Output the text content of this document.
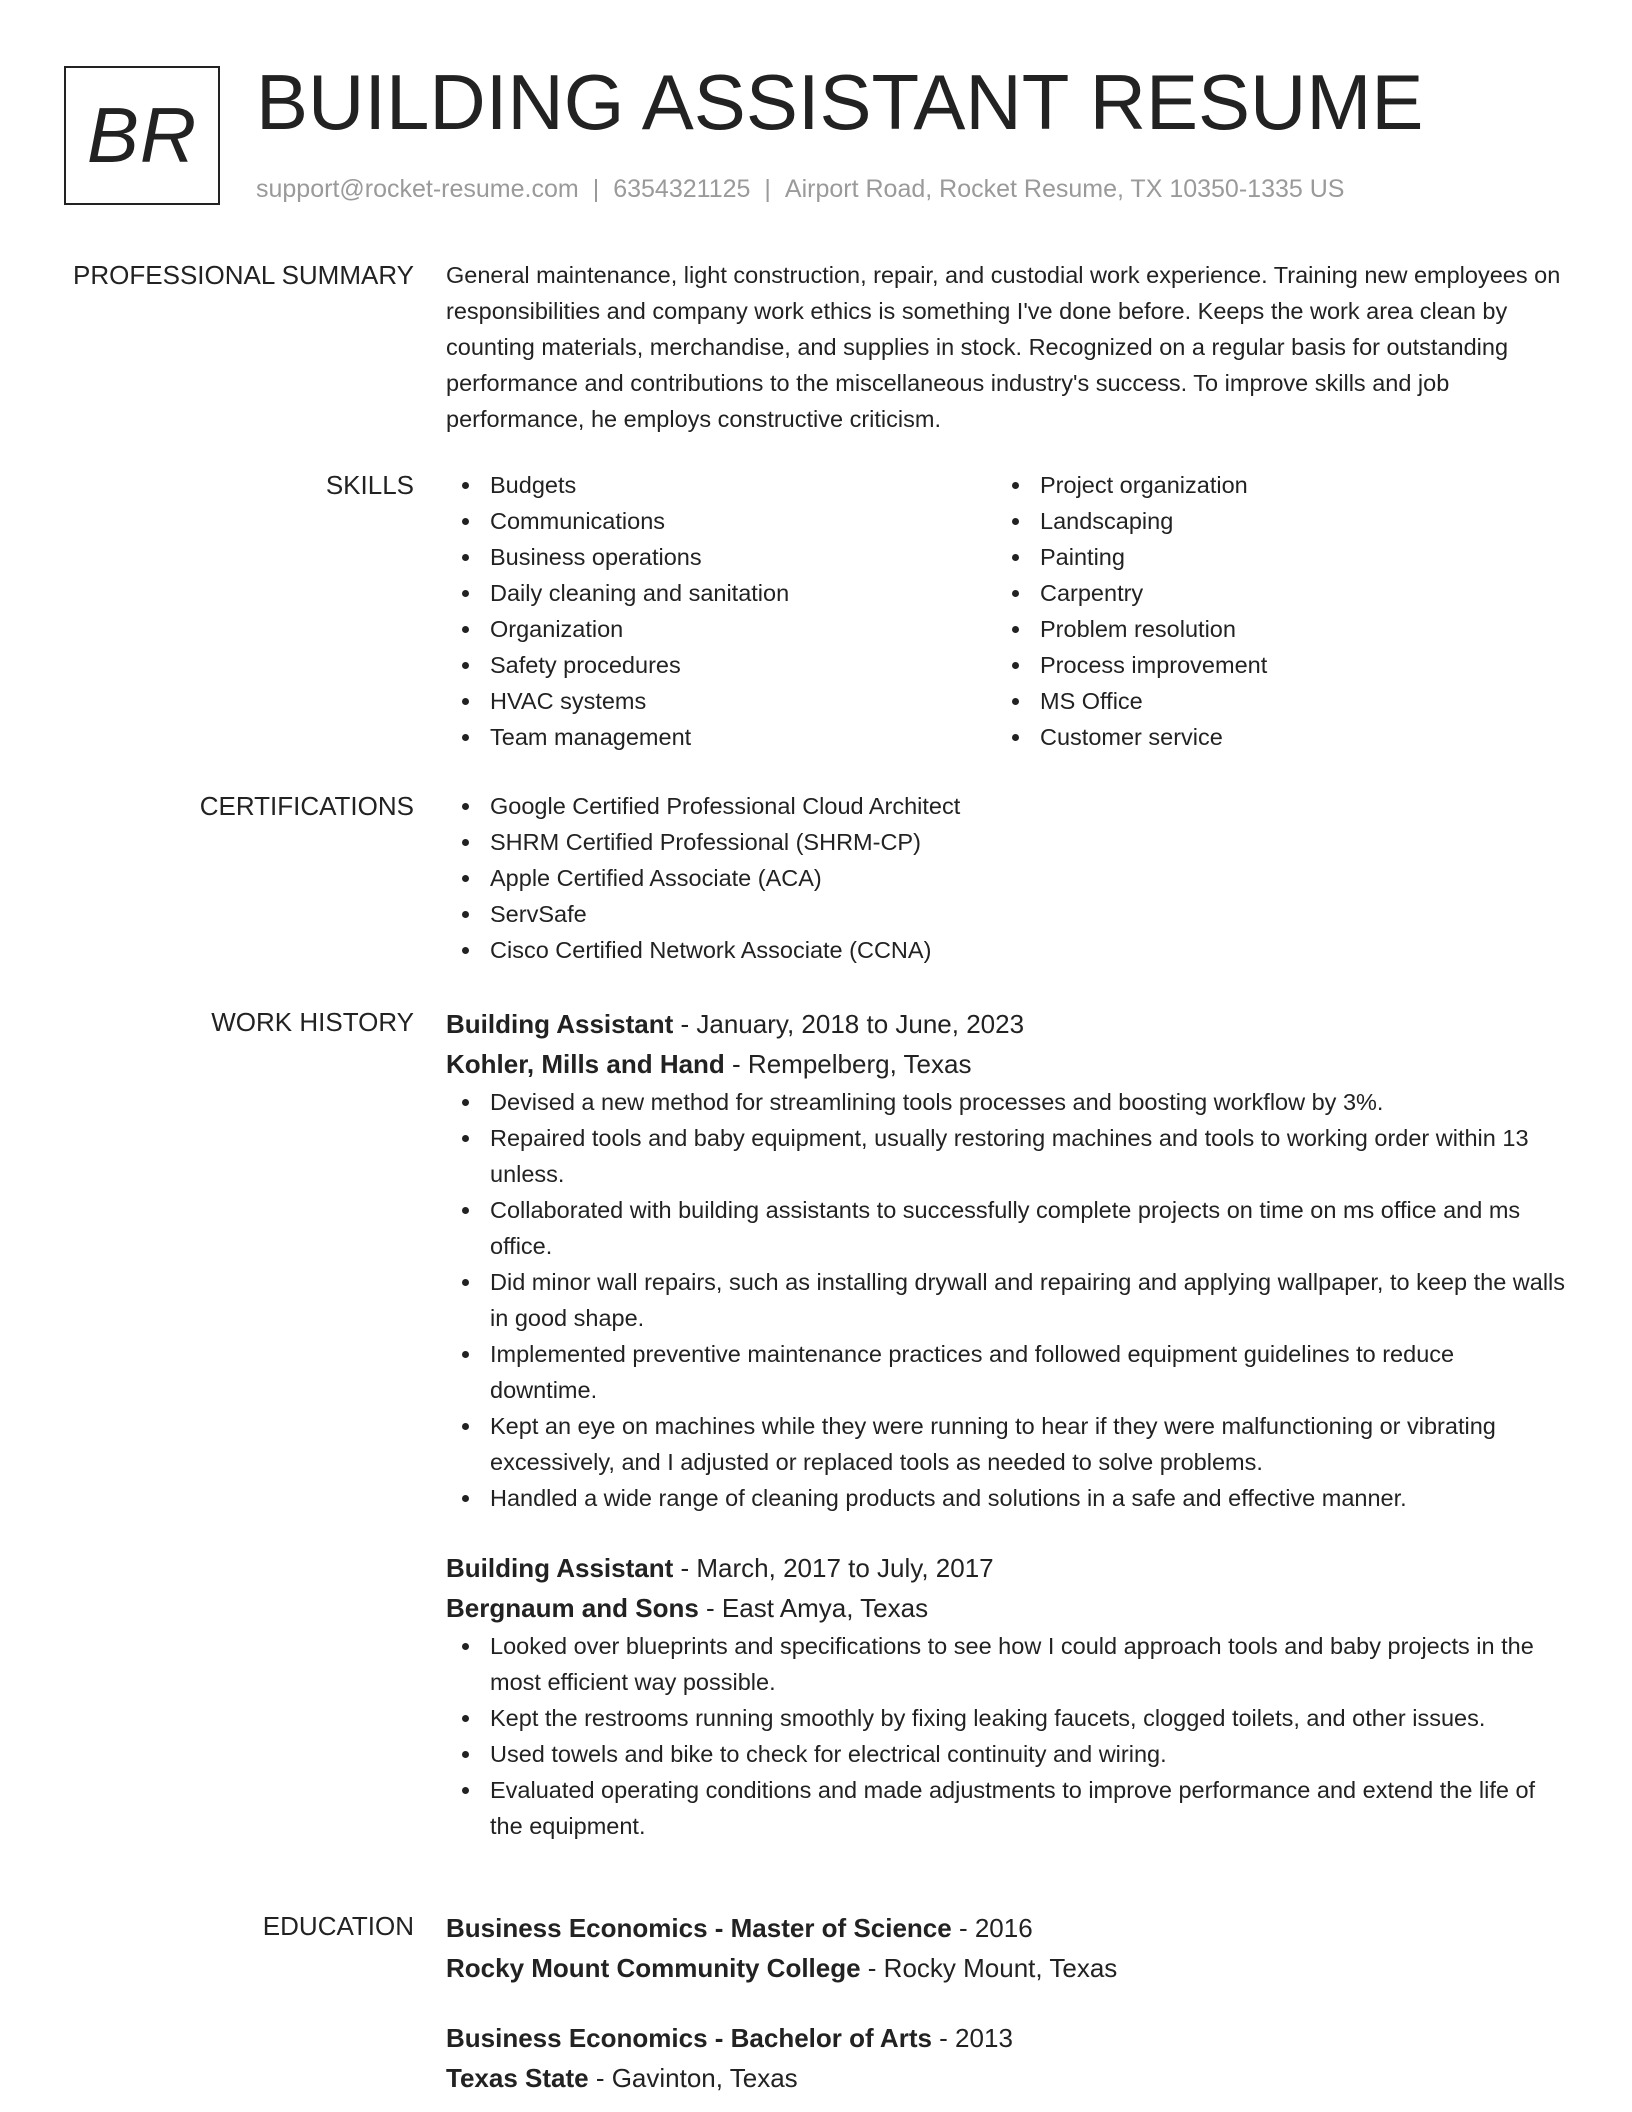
BR BUILDING ASSISTANT RESUME
support@rocket-resume.com | 6354321125 | Airport Road, Rocket Resume, TX 10350-1335 US
PROFESSIONAL SUMMARY General maintenance, light construction, repair, and custodial work experience. Training new employees on responsibilities and company work ethics is something I've done before. Keeps the work area clean by counting materials, merchandise, and supplies in stock. Recognized on a regular basis for outstanding performance and contributions to the miscellaneous industry's success. To improve skills and job performance, he employs constructive criticism.

SKILLS	Budgets
Communications
Business operations
Daily cleaning and sanitation
Organization
Safety procedures
HVAC systems
Team management
Project organization
Landscaping
Painting
Carpentry
Problem resolution
Process improvement
MS Office
Customer service
CERTIFICATIONS	Google Certified Professional Cloud Architect
SHRM Certified Professional (SHRM-CP)
Apple Certified Associate (ACA)
ServSafe
Cisco Certified Network Associate (CCNA)
WORK HISTORY Building Assistant - January, 2018 to June, 2023
Kohler, Mills and Hand - Rempelberg, Texas
Devised a new method for streamlining tools processes and boosting workflow by 3%.
Repaired tools and baby equipment, usually restoring machines and tools to working order within 13 unless.
Collaborated with building assistants to successfully complete projects on time on ms office and ms office.
Did minor wall repairs, such as installing drywall and repairing and applying wallpaper, to keep the walls in good shape.
Implemented preventive maintenance practices and followed equipment guidelines to reduce downtime.
Kept an eye on machines while they were running to hear if they were malfunctioning or vibrating excessively, and I adjusted or replaced tools as needed to solve problems.
Handled a wide range of cleaning products and solutions in a safe and effective manner.
Building Assistant - March, 2017 to July, 2017
Bergnaum and Sons - East Amya, Texas
Looked over blueprints and specifications to see how I could approach tools and baby projects in the most efficient way possible.
Kept the restrooms running smoothly by fixing leaking faucets, clogged toilets, and other issues.
Used towels and bike to check for electrical continuity and wiring.
Evaluated operating conditions and made adjustments to improve performance and extend the life of the equipment.
EDUCATION Business Economics - Master of Science - 2016
Rocky Mount Community College - Rocky Mount, Texas
Business Economics - Bachelor of Arts - 2013
Texas State - Gavinton, Texas
